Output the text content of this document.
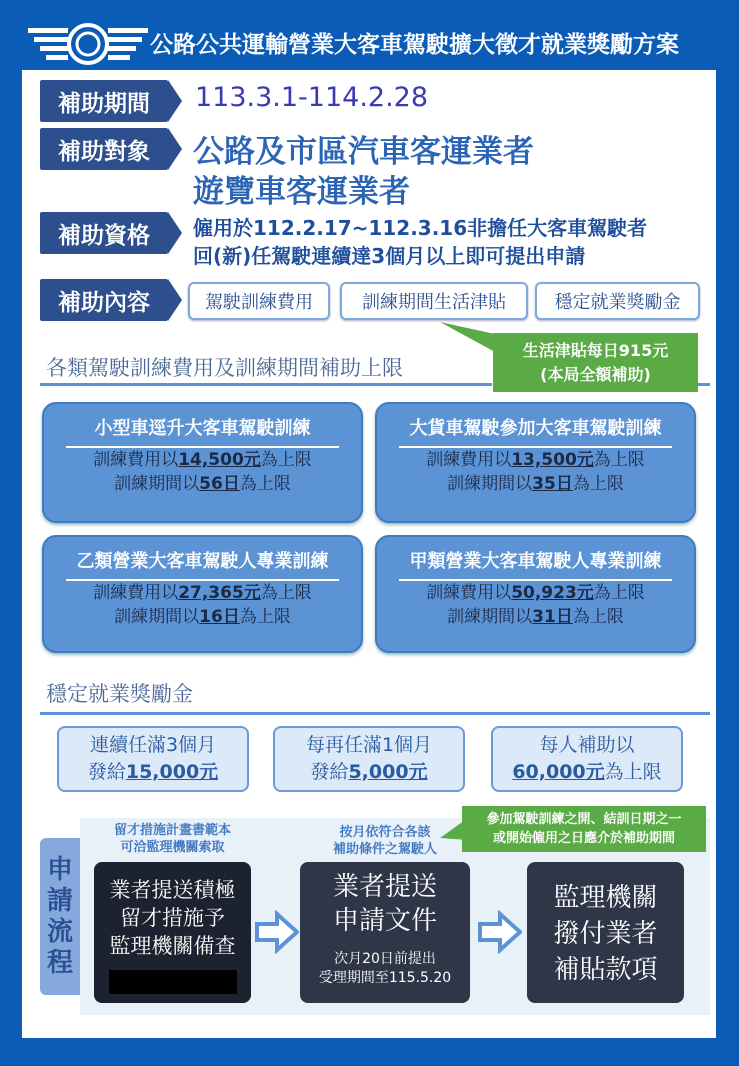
公路公共運輸營業大客車駕駛擴大徵才就業獎勵方案
補助期間	113.3.1-114.2.28
補助對象	公路及市區汽車客運業者
遊覽車客運業者
補助資格	僱用於112.2.17~112.3.16非擔任大客車駕駛者
回(新)任駕駛連續達3個月以上即可提出申請
補助內容	駕駛訓練費用	訓練期間生活津貼	穩定就業獎勵金
生活津貼每日915元
(本局全額補助)
各類駕駛訓練費用及訓練期間補助上限
小型車逕升大客車駕駛訓練
訓練費用以14,500元為上限
訓練期間以56日為上限
大貨車駕駛參加大客車駕駛訓練
訓練費用以13,500元為上限
訓練期間以35日為上限
乙類營業大客車駕駛人專業訓練
訓練費用以27,365元為上限
訓練期間以16日為上限
甲類營業大客車駕駛人專業訓練
訓練費用以50,923元為上限
訓練期間以31日為上限
穩定就業獎勵金
連續任滿3個月
發給15,000元
每再任滿1個月
發給5,000元
每人補助以
60,000元為上限
申
請
流
程
參加駕駛訓練之開、結訓日期之一
或開始僱用之日應介於補助期間
留才措施計畫書範本
可洽監理機關索取
按月依符合各該
補助條件之駕駛人
業者提送積極
留才措施予
監理機關備查
業者提送
申請文件
次月20日前提出
受理期間至115.5.20
監理機關
撥付業者
補貼款項
